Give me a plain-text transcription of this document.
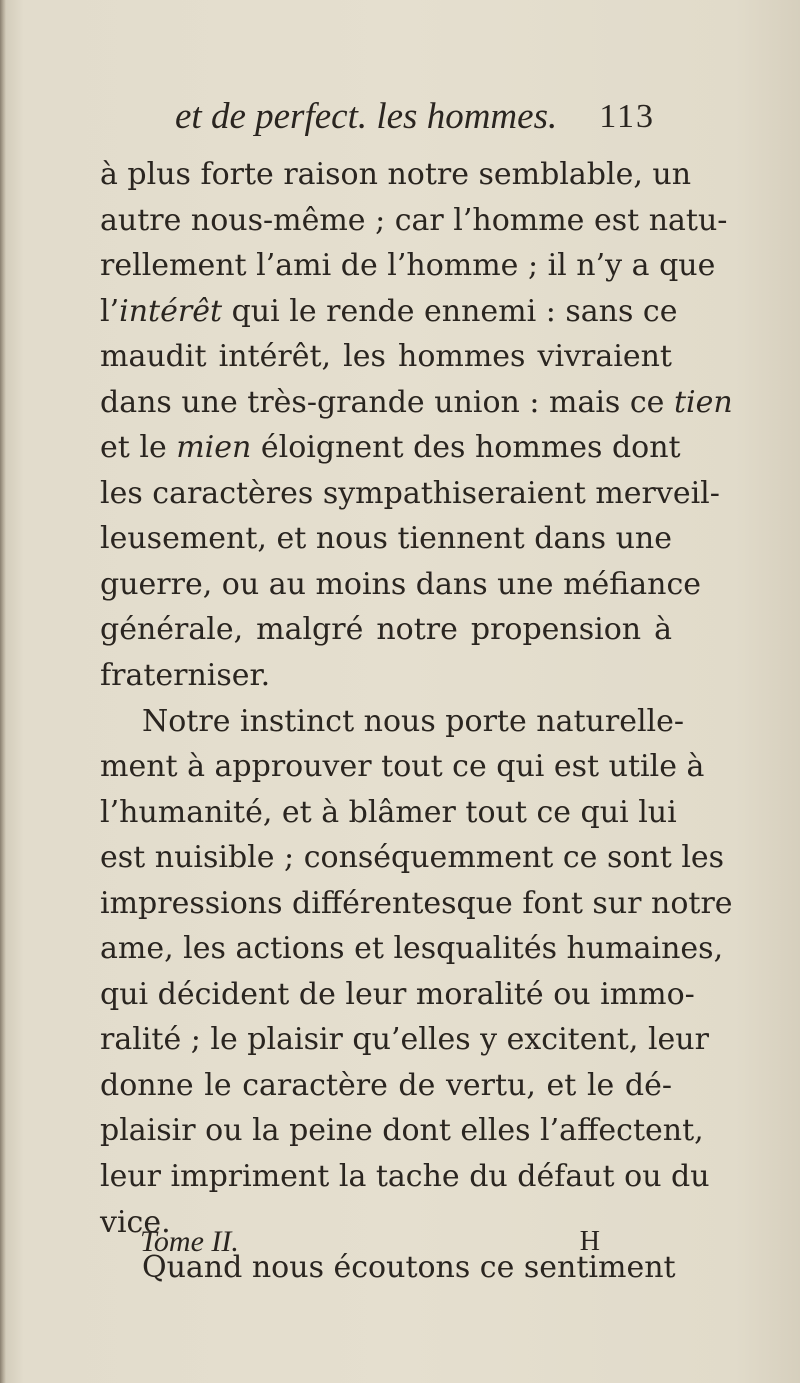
et de perfect. les hommes. 113
à plus forte raison notre semblable, un
autre nous-même ; car l’homme est natu-
rellement l’ami de l’homme ; il n’y a que
l’intérêt qui le rende ennemi : sans ce
maudit intérêt, les hommes vivraient
dans une très-grande union : mais ce tien
et le mien éloignent des hommes dont
les caractères sympathiseraient merveil-
leusement, et nous tiennent dans une
guerre, ou au moins dans une méfiance
générale, malgré notre propension à
fraterniser.
Notre instinct nous porte naturelle-
ment à approuver tout ce qui est utile à
l’humanité, et à blâmer tout ce qui lui
est nuisible ; conséquemment ce sont les
impressions différentesque font sur notre
ame, les actions et lesqualités humaines,
qui décident de leur moralité ou immo-
ralité ; le plaisir qu’elles y excitent, leur
donne le caractère de vertu, et le dé-
plaisir ou la peine dont elles l’affectent,
leur impriment la tache du défaut ou du
vice.
Quand nous écoutons ce sentiment
Tome II.	H
